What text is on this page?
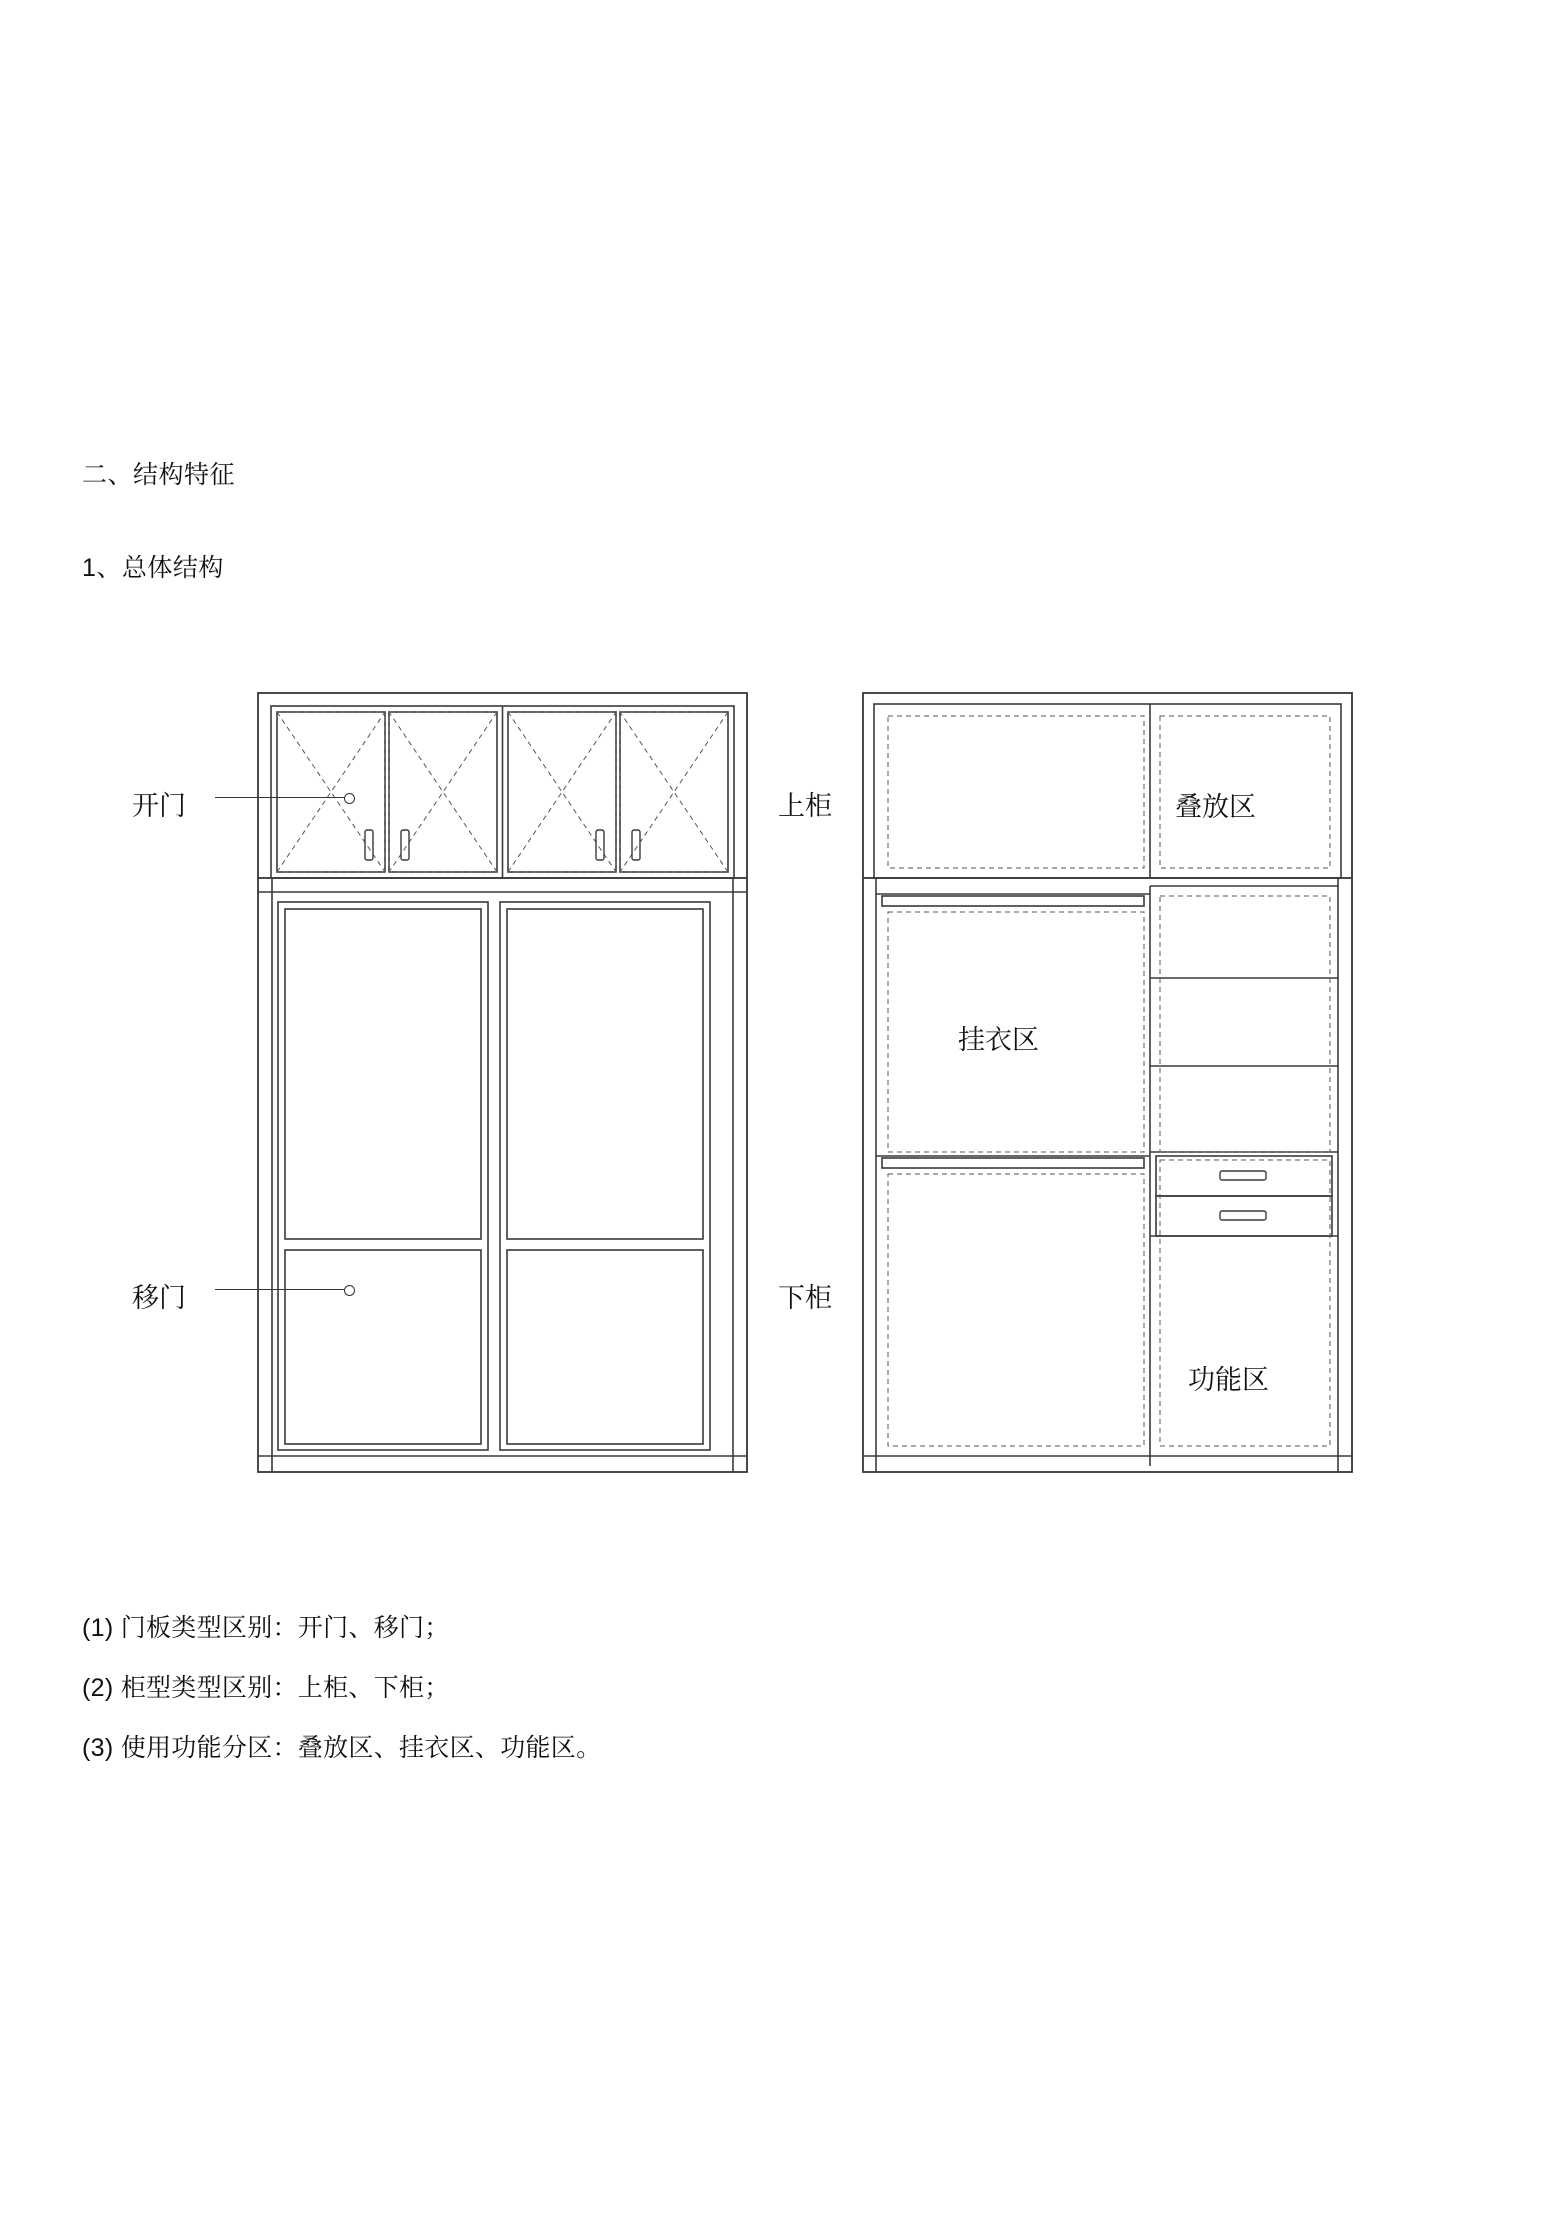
二、结构特征
1、总体结构
开门
移门
上柜
下柜
叠放区
挂衣区
功能区
(1) 门板类型区别：开门、移门；
(2) 柜型类型区别：上柜、下柜；
(3) 使用功能分区：叠放区、挂衣区、功能区。
